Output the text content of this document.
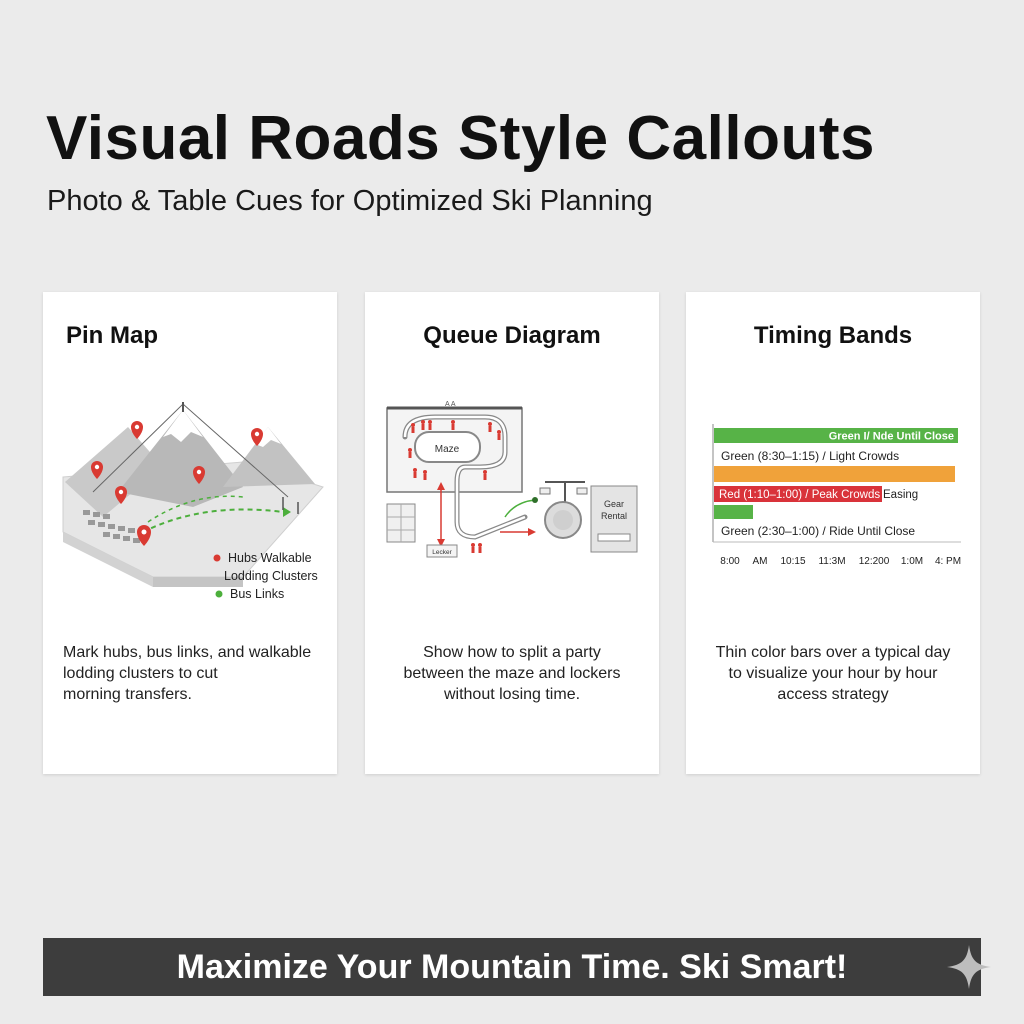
Visual Roads Style Callouts

Photo & Table Cues for Optimized Ski Planning

Pin Map
Hubs Walkable
Lodding Clusters
Bus Links
Mark hubs, bus links, and walkable
lodding clusters to cut
morning transfers.
Queue Diagram
A A
Maze
Lecker
Gear
Rental
Show how to split a party
between the maze and lockers
without losing time.
Timing Bands
Green I/ Nde Until Close
Green (8:30–1:15) / Light Crowds
Red (1:10–1:00) / Peak Crowds Easing
Green (2:30–1:00) / Ride Until Close
8:00 AM 10:15 11:3M 12:200 1:0M 4: PM
Thin color bars over a typical day
to visualize your hour by hour
access strategy
Maximize Your Mountain Time. Ski Smart!
